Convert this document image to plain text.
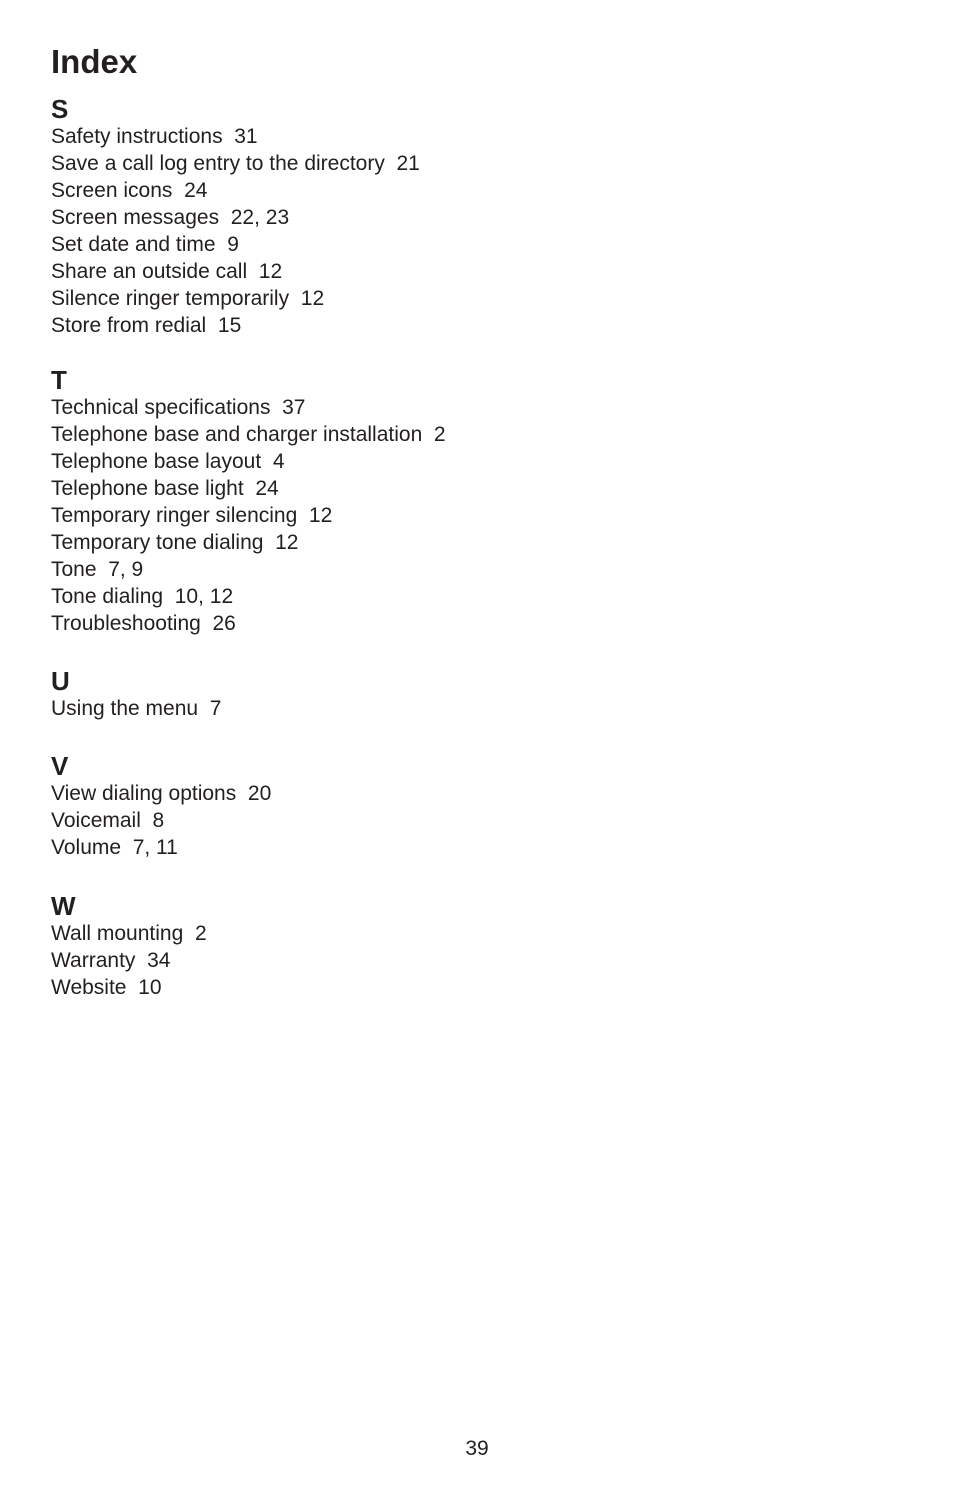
Index
S
Safety instructions  31
Save a call log entry to the directory  21
Screen icons  24
Screen messages  22, 23
Set date and time  9
Share an outside call  12
Silence ringer temporarily  12
Store from redial  15
T
Technical specifications  37
Telephone base and charger installation  2
Telephone base layout  4
Telephone base light  24
Temporary ringer silencing  12
Temporary tone dialing  12
Tone  7, 9
Tone dialing  10, 12
Troubleshooting  26
U
Using the menu  7
V
View dialing options  20
Voicemail  8
Volume  7, 11
W
Wall mounting  2
Warranty  34
Website  10
39
